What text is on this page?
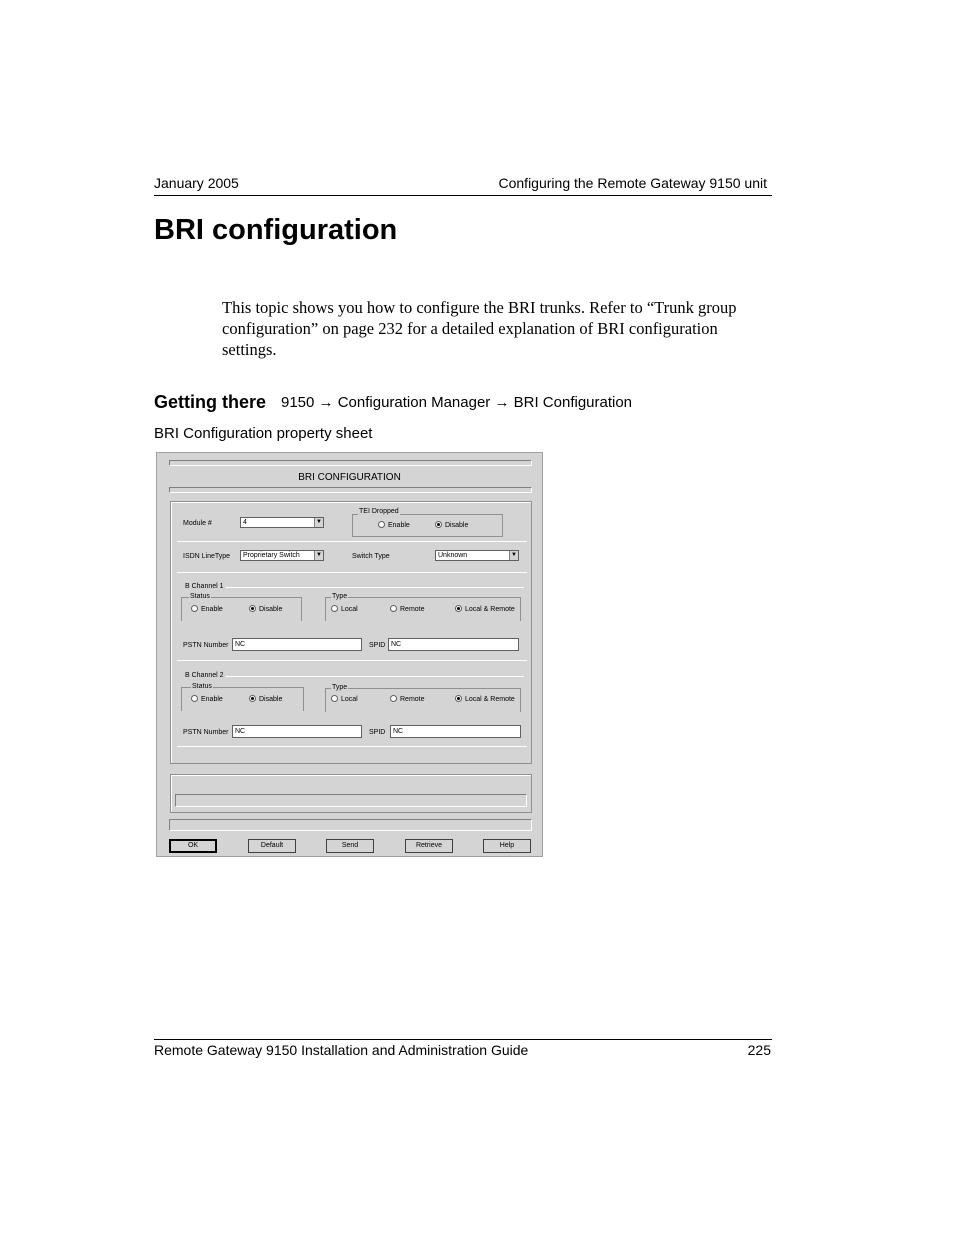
January 2005	Configuring the Remote Gateway 9150 unit
BRI configuration
This topic shows you how to configure the BRI trunks. Refer to “Trunk group configuration” on page 232 for a detailed explanation of BRI configuration settings.
Getting there 9150 → Configuration Manager → BRI Configuration
BRI Configuration property sheet
BRI CONFIGURATION
Module #	4	▼
TEI Dropped
Enable	Disable
ISDN LineType	Proprietary Switch	▼	Switch Type	Unknown	▼
B Channel 1
Status
Enable	Disable
Type
Local	Remote	Local & Remote
PSTN Number NC	SPID NC
B Channel 2
Status
Enable	Disable
Type
Local	Remote	Local & Remote
PSTN Number NC	SPID	NC
OK	Default	Send	Retrieve	Help
Remote Gateway 9150 Installation and Administration Guide	225
